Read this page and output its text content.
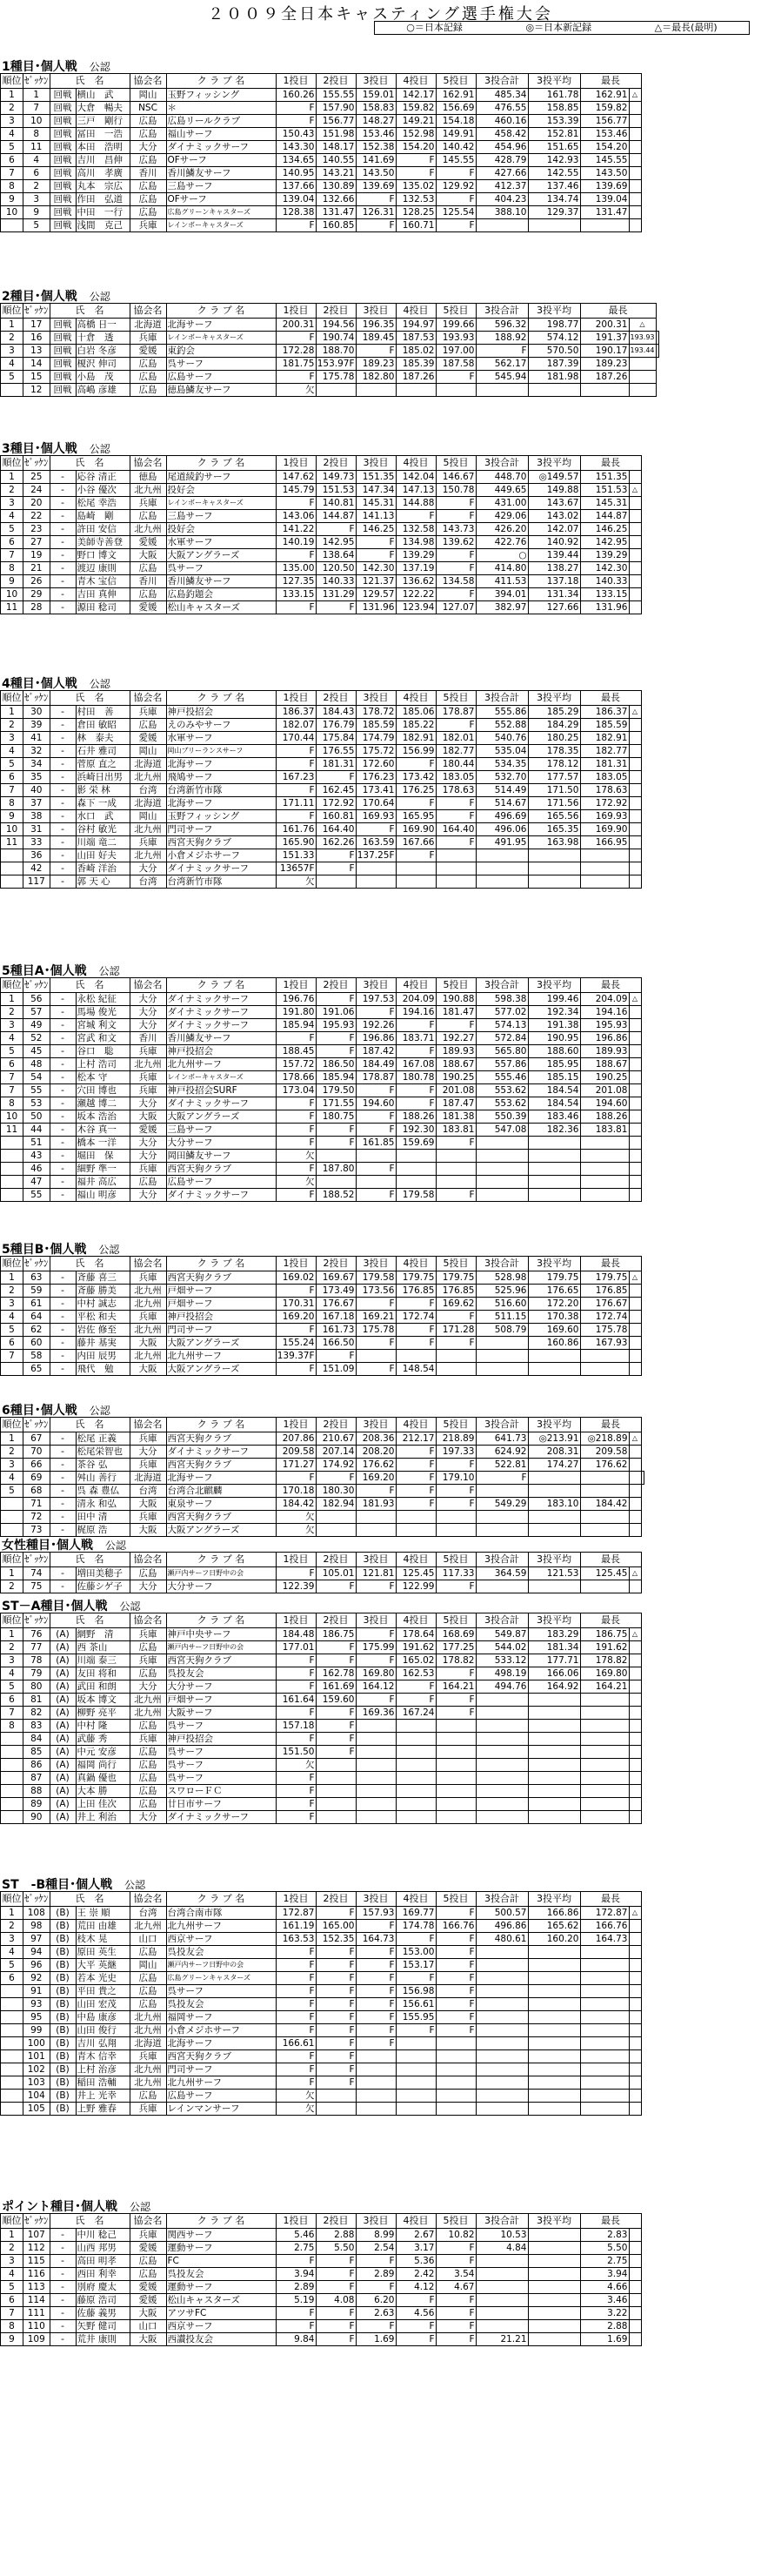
２００９全日本キャスティング選手権大会
○＝日本記録	◎＝日本新記録	△＝最長(最明)
1種目･個人戦 公認
順位	ｾﾞｯｹﾝ	氏　名		協会名	ク ラ ブ 名	1投目	2投目	3投目	4投目	5投目	3投合計	3投平均	最長	
1	1	回戦	横山　武	岡山	玉野フィッシング	160.26	155.55	159.01	142.17	162.91	485.34	161.78	162.91	△
2	7	回戦	大倉　暢夫	NSC	＊	F	157.90	158.83	159.82	156.69	476.55	158.85	159.82	
3	10	回戦	三戸　剛行	広島	広島リールクラブ	F	156.77	148.27	149.21	154.18	460.16	153.39	156.77	
4	8	回戦	冨田　一浩	広島	福山サーフ	150.43	151.98	153.46	152.98	149.91	458.42	152.81	153.46	
5	11	回戦	本田　浩明	大分	ダイナミックサーフ	143.30	148.17	152.38	154.20	140.42	454.96	151.65	154.20	
6	4	回戦	吉川　昌伸	広島	OFサーフ	134.65	140.55	141.69	F	145.55	428.79	142.93	145.55	
7	6	回戦	高川　孝廣	香川	香川鱗友サーフ	140.95	143.21	143.50	F	F	427.66	142.55	143.50	
8	2	回戦	丸本　宗広	広島	三島サーフ	137.66	130.89	139.69	135.02	129.92	412.37	137.46	139.69	
9	3	回戦	作田　弘道	広島	OFサーフ	139.04	132.66	F	132.53	F	404.23	134.74	139.04	
10	9	回戦	中田　一行	広島	広島グリーンキャスターズ	128.38	131.47	126.31	128.25	125.54	388.10	129.37	131.47	
	5	回戦	浅間　克己	兵庫	レインボーキャスターズ	F	160.85	F	160.71	F				
2種目･個人戦 公認
順位	ｾﾞｯｹﾝ	氏　名		協会名	ク ラ ブ 名	1投目	2投目	3投目	4投目	5投目	3投合計	3投平均	最長		
1	17	回戦	高橋 日一	北海道	北海サーフ	200.31	194.56	196.35	194.97	199.66	596.32	198.77	200.31	△	
2	16	回戦	十倉　透	兵庫	レインボーキャスターズ	F	190.74	189.45	187.53	193.93	188.92	574.12	191.37	193.93	
3	13	回戦	白岩 冬彦	愛媛	東釣会	172.28	188.70	F	185.02	197.00	F	570.50	190.17	193.44	
4	14	回戦	榎沢 伸司	広島	呉サーフ	181.75	153.97F	189.23	185.39	187.58	562.17	187.39	189.23		
5	15	回戦	小島　茂	広島	広島サーフ	F	175.78	182.80	187.26	F	545.94	181.98	187.26		
	12	回戦	高嶋 彦雄	広島	徳島鱗友サーフ	欠									
3種目･個人戦 公認
順位	ｾﾞｯｹﾝ	氏　名		協会名	ク ラ ブ 名	1投目	2投目	3投目	4投目	5投目	3投合計	3投平均	最長	
1	25	-	応谷 清正	徳島	尾道綾釣サーフ	147.62	149.73	151.35	142.04	146.67	448.70	◎149.57	151.35	
2	24	-	小谷 優次	北九州	投好会	145.79	151.53	147.34	147.13	150.78	449.65	149.88	151.53	△
3	20	-	松尾 幸浩	兵庫	レインボーキャスターズ	F	140.81	145.31	144.88	F	431.00	143.67	145.31	
4	22	-	島崎　剛	広島	三島サーフ	143.06	144.87	141.13	F	F	429.06	143.02	144.87	
5	23	-	許田 安信	北九州	投好会	141.22	F	146.25	132.58	143.73	426.20	142.07	146.25	
6	27	-	美師寺善登	愛媛	水軍サーフ	140.19	142.95	F	134.98	139.62	422.76	140.92	142.95	
7	19	-	野口 博文	大阪	大阪アングラーズ	F	138.64	F	139.29	F	○	139.44	139.29	
8	21	-	渡辺 康則	広島	呉サーフ	135.00	120.50	142.30	137.19	F	414.80	138.27	142.30	
9	26	-	青木 宝信	香川	香川鱗友サーフ	127.35	140.33	121.37	136.62	134.58	411.53	137.18	140.33	
10	29	-	吉田 真伸	広島	広島釣題会	133.15	131.29	129.57	122.22	F	394.01	131.34	133.15	
11	28	-	源田 稔司	愛媛	松山キャスターズ	F	F	131.96	123.94	127.07	382.97	127.66	131.96	
4種目･個人戦 公認
順位	ｾﾞｯｹﾝ	氏　名		協会名	ク ラ ブ 名	1投目	2投目	3投目	4投目	5投目	3投合計	3投平均	最長	
1	30	-	村田　善	兵庫	神戸投招会	186.37	184.43	178.72	185.06	178.87	555.86	185.29	186.37	△
2	39	-	倉田 敏昭	広島	えのみやサーフ	182.07	176.79	185.59	185.22	F	552.88	184.29	185.59	
3	41	-	林　泰夫	愛媛	水軍サーフ	170.44	175.84	174.79	182.91	182.01	540.76	180.25	182.91	
4	32	-	石井 雅司	岡山	岡山ブリーランスサーフ	F	176.55	175.72	156.99	182.77	535.04	178.35	182.77	
5	34	-	菅原 直之	北海道	北海サーフ	F	181.31	172.60	F	180.44	534.35	178.12	181.31	
6	35	-	浜崎日出男	北九州	飛鳩サーフ	167.23	F	176.23	173.42	183.05	532.70	177.57	183.05	
7	40	-	影 栄 林	台湾	台湾新竹市隊	F	162.45	173.41	176.25	178.63	514.49	171.50	178.63	
8	37	-	森下 一成	北海道	北海サーフ	171.11	172.92	170.64	F	F	514.67	171.56	172.92	
9	38	-	水口　武	岡山	玉野フィッシング	F	160.81	169.93	165.95	F	496.69	165.56	169.93	
10	31	-	谷村 敏光	北九州	門司サーフ	161.76	164.40	F	169.90	164.40	496.06	165.35	169.90	
11	33	-	川端 竜二	兵庫	西宮天狗クラブ	165.90	162.26	163.59	167.66	F	491.95	163.98	166.95	
	36	-	山田 好夫	北九州	小倉メジホサーフ	151.33	F	137.25F	F					
	42	-	香崎 洋治	大分	ダイナミックサーフ	13657F	F							
	117	-	郭 天 心	台湾	台湾新竹市隊	欠								
5種目A･個人戦 公認
順位	ｾﾞｯｹﾝ	氏　名		協会名	ク ラ ブ 名	1投目	2投目	3投目	4投目	5投目	3投合計	3投平均	最長	
1	56	-	永松 紀征	大分	ダイナミックサーフ	196.76	F	197.53	204.09	190.88	598.38	199.46	204.09	△
2	57	-	馬場 俊光	大分	ダイナミックサーフ	191.80	191.06	F	194.16	181.47	577.02	192.34	194.16	
3	49	-	宮城 利文	大分	ダイナミックサーフ	185.94	195.93	192.26	F	F	574.13	191.38	195.93	
4	52	-	宮武 和文	香川	香川鱗友サーフ	F	F	196.86	183.71	192.27	572.84	190.95	196.86	
5	45	-	谷口　聡	兵庫	神戸投招会	188.45	F	187.42	F	189.93	565.80	188.60	189.93	
6	48	-	上村 浩司	北九州	北九州サーフ	157.72	186.50	184.49	167.08	188.67	557.86	185.95	188.67	
7	54	-	松本 守	兵庫	レインボーキャスターズ	178.66	185.94	178.87	180.78	190.25	555.46	185.15	190.25	
7	55	-	穴田 博也	兵庫	神戸投招会SURF	173.04	179.50	F	F	201.08	553.62	184.54	201.08	
8	53	-	瀬越 博二	大分	ダイナミックサーフ	F	171.55	194.60	F	187.47	553.62	184.54	194.60	
10	50	-	坂本 浩治	大阪	大阪アングラーズ	F	180.75	F	188.26	181.38	550.39	183.46	188.26	
11	44	-	木谷 真一	愛媛	三島サーフ	F	F	F	192.30	183.81	547.08	182.36	183.81	
	51	-	橋本 一洋	大分	大分サーフ	F	F	161.85	159.69	F				
	43	-	堀田　保	大分	岡田鱗友サーフ	欠								
	46	-	細野 準一	兵庫	西宮天狗クラブ	F	187.80	F						
	47	-	福井 高広	広島	広島サーフ	欠								
	55	-	福山 明彦	大分	ダイナミックサーフ	F	188.52	F	179.58	F				
5種目B･個人戦 公認
順位	ｾﾞｯｹﾝ	氏　名		協会名	ク ラ ブ 名	1投目	2投目	3投目	4投目	5投目	3投合計	3投平均	最長	
1	63	-	斉藤 喜三	兵庫	西宮天狗クラブ	169.02	169.67	179.58	179.75	179.75	528.98	179.75	179.75	△
2	59	-	斉藤 勝美	北九州	戸畑サーフ	F	173.49	173.56	176.85	176.85	525.96	176.65	176.85	
3	61	-	中村 誠志	北九州	戸畑サーフ	170.31	176.67	F	F	169.62	516.60	172.20	176.67	
4	64	-	平松 和夫	兵庫	神戸投招会	169.20	167.18	169.21	172.74	F	511.15	170.38	172.74	
5	62	-	岩佐 修至	北九州	門司サーフ	F	161.73	175.78	F	171.28	508.79	169.60	175.78	
6	60	-	藤井 基実	大阪	大阪アングラーズ	155.24	166.50	F	F	F		160.86	167.93	
7	58	-	内田 辰男	北九州	北九州サーフ	139.37F	F							
	65	-	飛代　勉	大阪	大阪アングラーズ	F	151.09	F	148.54					
6種目･個人戦 公認
順位	ｾﾞｯｹﾝ	氏　名		協会名	ク ラ ブ 名	1投目	2投目	3投目	4投目	5投目	3投合計	3投平均	最長		
1	67	-	松尾 正義	兵庫	西宮天狗クラブ	207.86	210.67	208.36	212.17	218.89	641.73	◎213.91	◎218.89	△	
2	70	-	松尾栄智也	大分	ダイナミックサーフ	209.58	207.14	208.20	F	197.33	624.92	208.31	209.58		
3	66	-	茶谷 弘	兵庫	西宮天狗クラブ	171.27	174.92	176.62	F	F	522.81	174.27	176.62		
4	69	-	舛山 善行	北海道	北海サーフ	F	F	169.20	F	179.10	F				
5	68	-	呉 森 豊仏	台湾	台湾合北麒麟	170.18	180.30	F	F	F					
	71	-	清永 和弘	大阪	東泉サーフ	184.42	182.94	181.93	F	F	549.29	183.10	184.42		
	72	-	田中 清	兵庫	西宮天狗クラブ	欠									
	73	-	梶原 浩	大阪	大阪アングラーズ	欠									
女性種目･個人戦 公認
順位	ｾﾞｯｹﾝ	氏　名		協会名	ク ラ ブ 名	1投目	2投目	3投目	4投目	5投目	3投合計	3投平均	最長	
1	74	-	増田美穂子	広島	瀬戸内サーフ日野中の会	F	105.01	121.81	125.45	117.33	364.59	121.53	125.45	△
2	75	-	佐藤シゲ子	大分	大分サーフ	122.39	F	F	122.99	F				
ST－A種目･個人戦 公認
順位	ｾﾞｯｹﾝ	氏　名		協会名	ク ラ ブ 名	1投目	2投目	3投目	4投目	5投目	3投合計	3投平均	最長	
1	76	(A)	網野　清	兵庫	神戸中央サーフ	184.48	186.75	F	178.64	168.69	549.87	183.29	186.75	△
2	77	(A)	西 茶山	広島	瀬戸内サーフ日野中の会	177.01	F	175.99	191.62	177.25	544.02	181.34	191.62	
3	78	(A)	川端 泰三	兵庫	西宮天狗クラブ	F	F	F	165.02	178.82	533.12	177.71	178.82	
4	79	(A)	友田 将和	広島	呉投友会	F	162.78	169.80	162.53	F	498.19	166.06	169.80	
5	80	(A)	武田 和朗	大分	大分サーフ	F	161.69	164.12	F	164.21	494.76	164.92	164.21	
6	81	(A)	坂本 博文	北九州	戸畑サーフ	161.64	159.60	F	F	F				
7	82	(A)	柳野 亮平	北九州	大阪サーフ	F	F	169.36	167.24	F				
8	83	(A)	中村 隆	広島	呉サーフ	157.18	F							
	84	(A)	武藤 秀	兵庫	神戸投招会	F	F							
	85	(A)	中元 安彦	広島	呉サーフ	151.50	F							
	86	(A)	福岡 尚行	広島	呉サーフ	欠								
	87	(A)	真鍋 優也	広島	呉サーフ	F								
	88	(A)	大本 勝	広島	スワローＦＣ	F								
	89	(A)	上田 佳次	広島	廿日市サーフ	F								
	90	(A)	井上 利治	大分	ダイナミックサーフ	F								
ST　-B種目･個人戦 公認
順位	ｾﾞｯｹﾝ	氏　名		協会名	ク ラ ブ 名	1投目	2投目	3投目	4投目	5投目	3投合計	3投平均	最長	
1	108	(B)	王 崇 順	台湾	台湾合南市隊	172.87	F	157.93	169.77	F	500.57	166.86	172.87	△
2	98	(B)	荒田 由雄	北九州	北九州サーフ	161.19	165.00	F	174.78	166.76	496.86	165.62	166.76	
3	97	(B)	枝木 晃	山口	西京サーフ	163.53	152.35	164.73	F	F	480.61	160.20	164.73	
4	94	(B)	原田 英生	広島	呉投友会	F	F	F	153.00	F				
5	96	(B)	大平 英継	岡山	瀬戸内サーフ日野中の会	F	F	F	153.17	F				
6	92	(B)	若本 光史	広島	広島グリーンキャスターズ	F	F	F	F	F				
	91	(B)	平田 貴之	広島	呉サーフ	F	F	F	156.98	F				
	93	(B)	山田 宏茂	広島	呉投友会	F	F	F	156.61	F				
	95	(B)	中島 康彦	北九州	福岡サーフ	F	F	F	155.95	F				
	99	(B)	山田 俊行	北九州	小倉メジホサーフ	F	F	F	F	F				
	100	(B)	吉川 弘翔	北海道	北海サーフ	166.61	F	F						
	101	(B)	青木 信幸	兵庫	西宮天狗クラブ	F	F							
	102	(B)	上村 治彦	北九州	門司サーフ	F	F							
	103	(B)	稲田 浩輔	北九州	北九州サーフ	F	F							
	104	(B)	井上 光幸	広島	広島サーフ	欠								
	105	(B)	上野 雅春	兵庫	レインマンサーフ	欠								
ポイント種目･個人戦 公認
順位	ｾﾞｯｹﾝ	氏　名		協会名	ク ラ ブ 名	1投目	2投目	3投目	4投目	5投目	3投合計	3投平均	最長	
1	107	-	中川 稔己	兵庫	関西サーフ	5.46	2.88	8.99	2.67	10.82	10.53		2.83	
2	112	-	山西 邦男	愛媛	運動サーフ	2.75	5.50	2.54	3.17	F	4.84		5.50	
3	115	-	高田 明孝	広島	FC	F	F	F	5.36	F			2.75	
4	116	-	西田 利幸	広島	呉投友会	3.94	F	2.89	2.42	3.54			3.94	
5	113	-	別府 慶太	愛媛	運動サーフ	2.89	F	F	4.12	4.67			4.66	
6	114	-	藤原 浩司	愛媛	松山キャスターズ	5.19	4.08	6.20	F	F			3.46	
7	111	-	佐藤 義男	大阪	アツサFC	F	F	2.63	4.56	F			3.22	
8	110	-	矢野 健司	山口	西京サーフ	F	F	F	F	F			2.88	
9	109	-	荒井 康則	大阪	西讃投友会	9.84	F	1.69	F	F	21.21		1.69	
